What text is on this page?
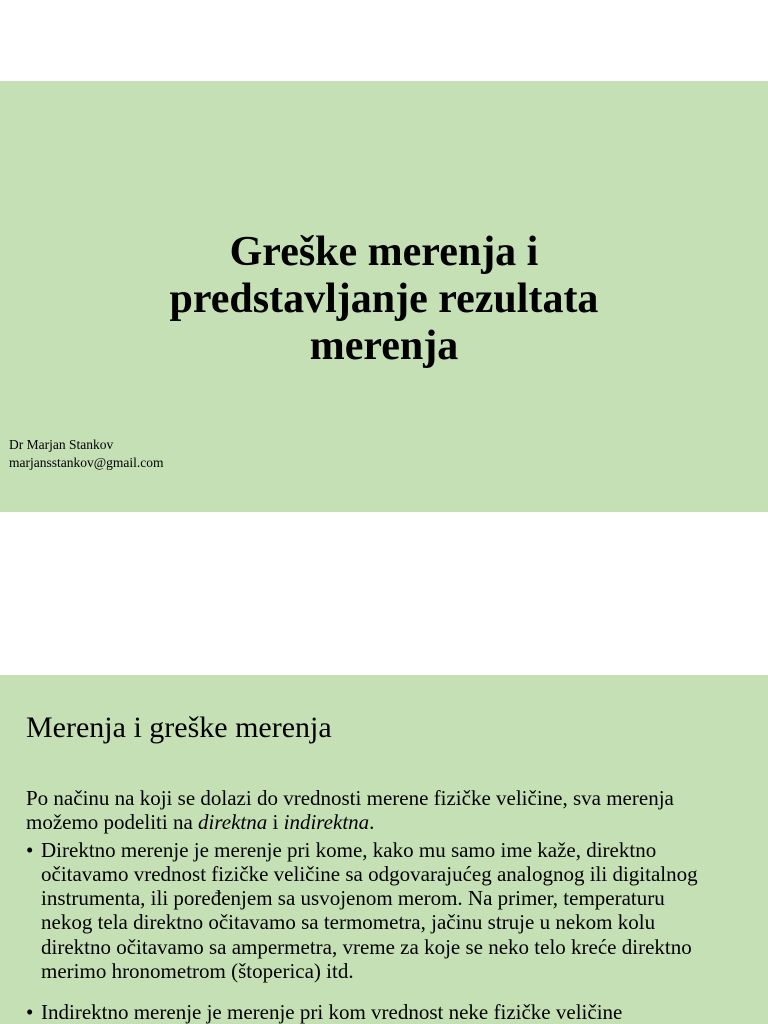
Greške merenja i
predstavljanje rezultata
merenja
Dr Marjan Stankov
marjansstankov@gmail.com
Merenja i greške merenja

Po načinu na koji se dolazi do vrednosti merene fizičke veličine, sva merenja
možemo podeliti na direktna i indirektna.

• Direktno merenje je merenje pri kome, kako mu samo ime kaže, direktno
očitavamo vrednost fizičke veličine sa odgovarajućeg analognog ili digitalnog
instrumenta, ili poređenjem sa usvojenom merom. Na primer, temperaturu
nekog tela direktno očitavamo sa termometra, jačinu struje u nekom kolu
direktno očitavamo sa ampermetra, vreme za koje se neko telo kreće direktno
merimo hronometrom (štoperica) itd.
• Indirektno merenje je merenje pri kom vrednost neke fizičke veličine
